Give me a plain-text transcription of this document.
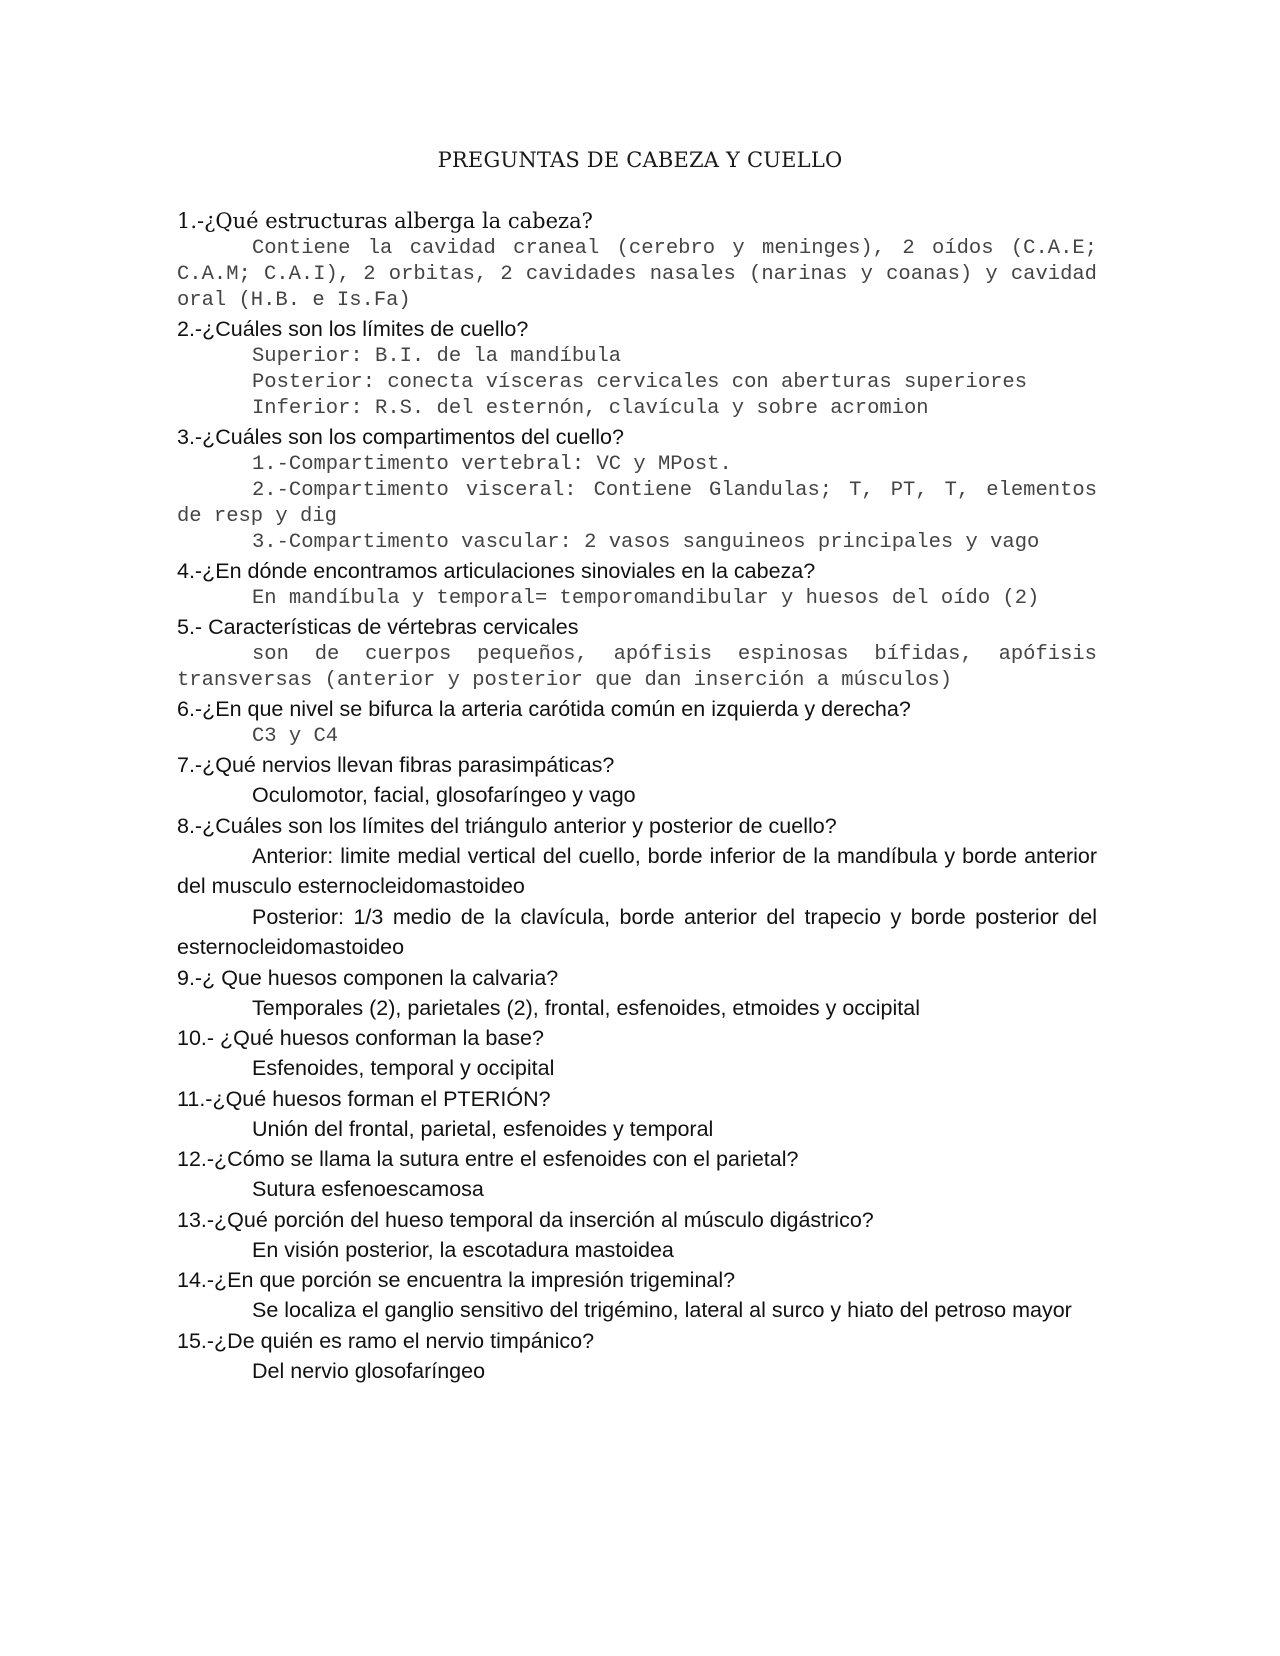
PREGUNTAS DE CABEZA Y CUELLO

1.-¿Qué estructuras alberga la cabeza?

Contiene la cavidad craneal (cerebro y meninges), 2 oídos (C.A.E; C.A.M; C.A.I), 2 orbitas, 2 cavidades nasales (narinas y coanas) y cavidad oral (H.B. e Is.Fa)

2.-¿Cuáles son los límites de cuello?

Superior: B.I. de la mandíbula

Posterior: conecta vísceras cervicales con aberturas superiores

Inferior: R.S. del esternón, clavícula y sobre acromion

3.-¿Cuáles son los compartimentos del cuello?

1.-Compartimento vertebral: VC y MPost.

2.-Compartimento visceral: Contiene Glandulas; T, PT, T, elementos de resp y dig

3.-Compartimento vascular: 2 vasos sanguineos principales y vago

4.-¿En dónde encontramos articulaciones sinoviales en la cabeza?

En mandíbula y temporal= temporomandibular y huesos del oído (2)

5.- Características de vértebras cervicales

son de cuerpos pequeños, apófisis espinosas bífidas, apófisis transversas (anterior y posterior que dan inserción a músculos)

6.-¿En que nivel se bifurca la arteria carótida común en izquierda y derecha?

C3 y C4

7.-¿Qué nervios llevan fibras parasimpáticas?

Oculomotor, facial, glosofaríngeo y vago

8.-¿Cuáles son los límites del triángulo anterior y posterior de cuello?

Anterior: limite medial vertical del cuello, borde inferior de la mandíbula y borde anterior del musculo esternocleidomastoideo

Posterior: 1/3 medio de la clavícula, borde anterior del trapecio y borde posterior del esternocleidomastoideo

9.-¿ Que huesos componen la calvaria?

Temporales (2), parietales (2), frontal, esfenoides, etmoides y occipital

10.- ¿Qué huesos conforman la base?

Esfenoides, temporal y occipital

11.-¿Qué huesos forman el PTERIÓN?

Unión del frontal, parietal, esfenoides y temporal

12.-¿Cómo se llama la sutura entre el esfenoides con el parietal?

Sutura esfenoescamosa

13.-¿Qué porción del hueso temporal da inserción al músculo digástrico?

En visión posterior, la escotadura mastoidea

14.-¿En que porción se encuentra la impresión trigeminal?

Se localiza el ganglio sensitivo del trigémino, lateral al surco y hiato del petroso mayor

15.-¿De quién es ramo el nervio timpánico?

Del nervio glosofaríngeo
